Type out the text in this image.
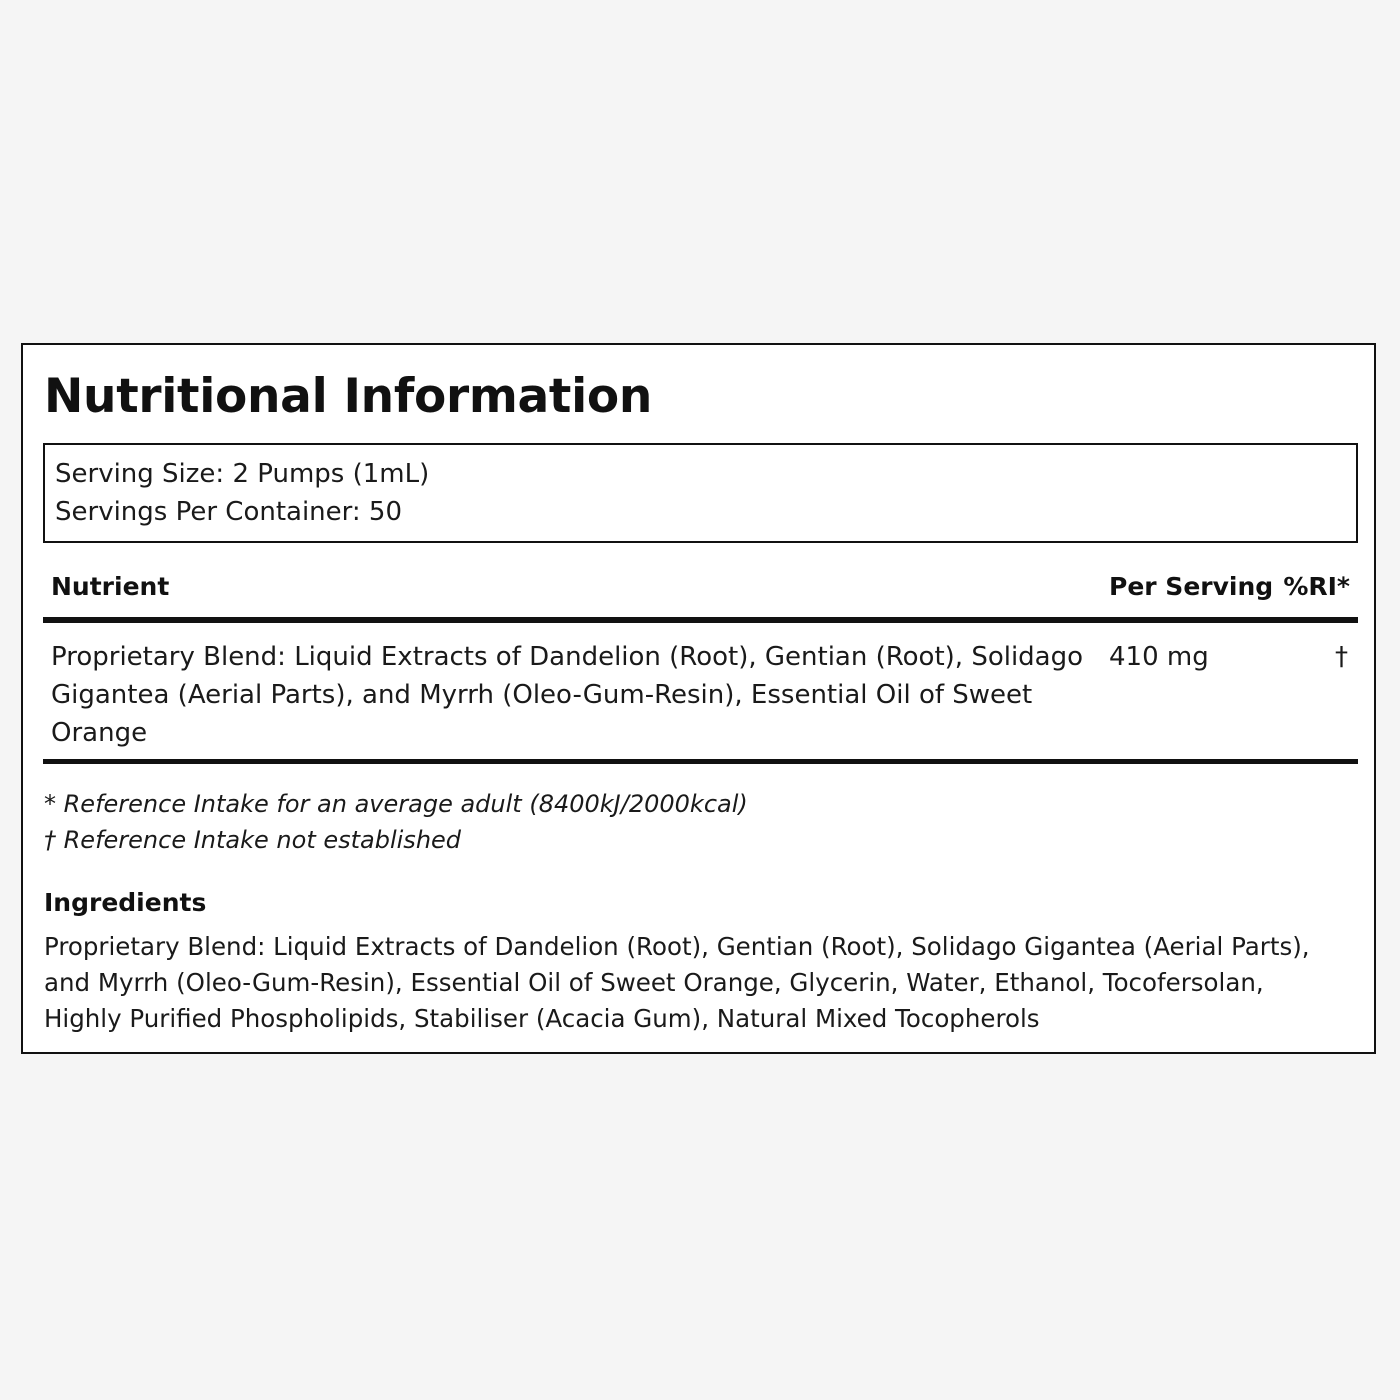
Nutritional Information
Serving Size: 2 Pumps (1mL)
Servings Per Container: 50
Nutrient	Per Serving %RI*
Proprietary Blend: Liquid Extracts of Dandelion (Root), Gentian (Root), Solidago Gigantea (Aerial Parts), and Myrrh (Oleo-Gum-Resin), Essential Oil of Sweet Orange
410 mg	†
* Reference Intake for an average adult (8400kJ/2000kcal)
† Reference Intake not established
Ingredients
Proprietary Blend: Liquid Extracts of Dandelion (Root), Gentian (Root), Solidago Gigantea (Aerial Parts), and Myrrh (Oleo-Gum-Resin), Essential Oil of Sweet Orange, Glycerin, Water, Ethanol, Tocofersolan, Highly Purified Phospholipids, Stabiliser (Acacia Gum), Natural Mixed Tocopherols
